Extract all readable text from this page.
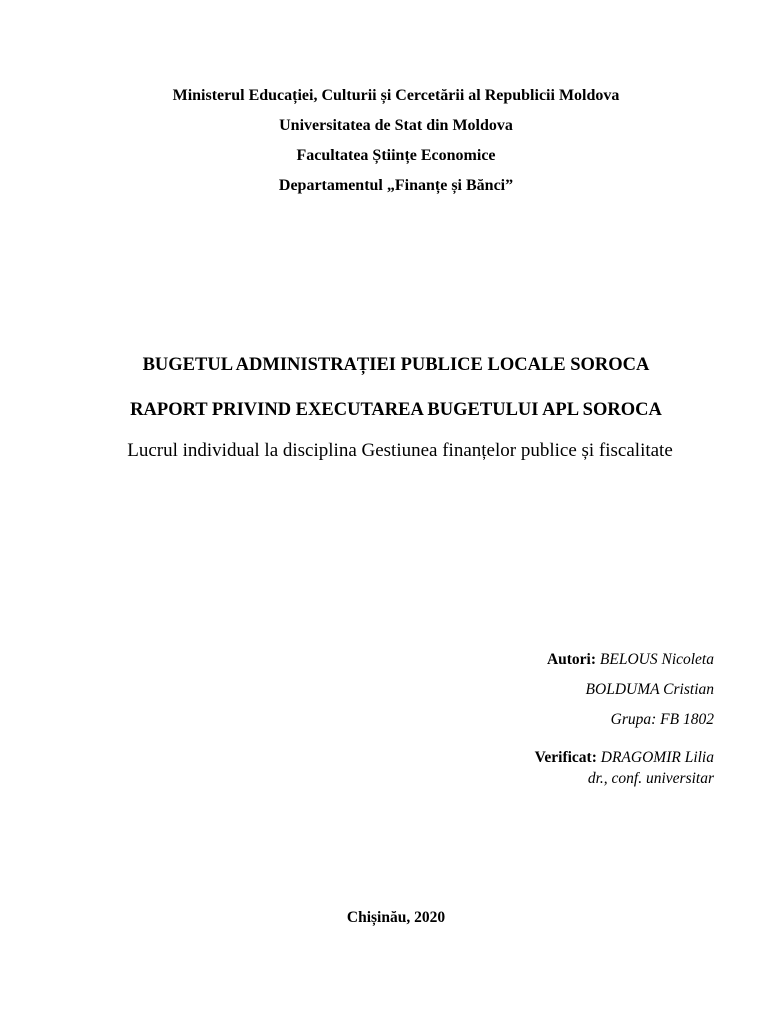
Ministerul Educației, Culturii și Cercetării al Republicii Moldova
Universitatea de Stat din Moldova
Facultatea Științe Economice
Departamentul „Finanțe și Bănci”
BUGETUL ADMINISTRAȚIEI PUBLICE LOCALE SOROCA
RAPORT PRIVIND EXECUTAREA BUGETULUI APL SOROCA
Lucrul individual la disciplina Gestiunea finanțelor publice și fiscalitate
Autori: BELOUS Nicoleta
BOLDUMA Cristian
Grupa: FB 1802
Verificat: DRAGOMIR Lilia
dr., conf. universitar
Chișinău, 2020
